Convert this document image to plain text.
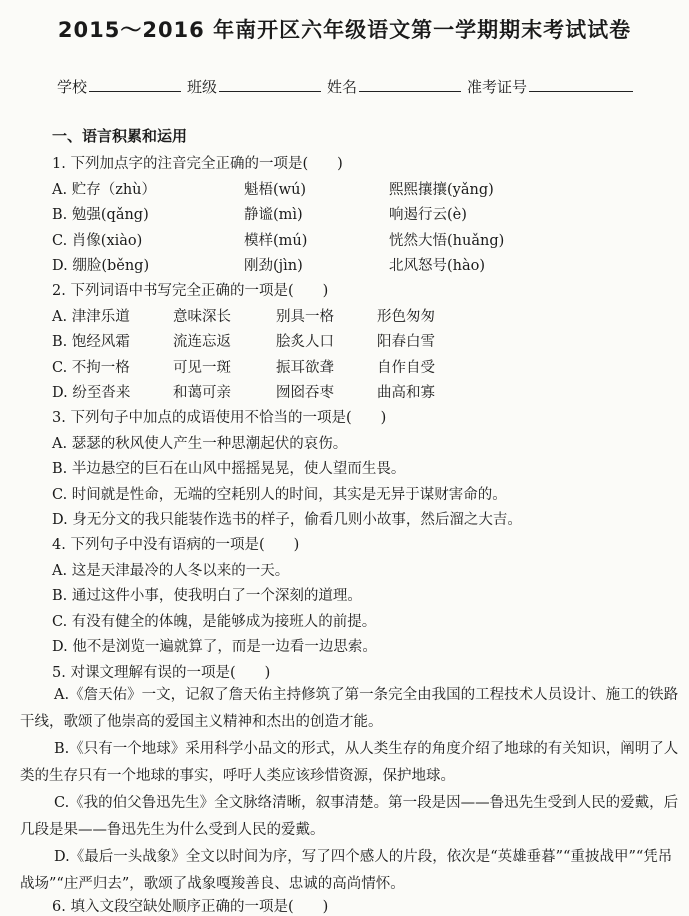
2015～2016 年南开区六年级语文第一学期期末考试试卷
学校	班级	姓名	准考证号
一、语言积累和运用
1. 下列加点字的注音完全正确的一项是(　　)
A. 贮存（zhù）	魁梧(wú)	熙熙攘攘(yǎng)
B. 勉强(qǎng)	静谧(mì)	响遏行云(è)
C. 肖像(xiào)	模样(mú)	恍然大悟(huǎng)
D. 绷脸(běng)	刚劲(jìn)	北风怒号(hào)
2. 下列词语中书写完全正确的一项是(　　)
A. 津津乐道	意味深长	别具一格	形色匆匆
B. 饱经风霜	流连忘返	脍炙人口	阳春白雪
C. 不拘一格	可见一斑	振耳欲聋	自作自受
D. 纷至沓来	和蔼可亲	囫囵吞枣	曲高和寡
3. 下列句子中加点的成语使用不恰当的一项是(　　)
A. 瑟瑟的秋风使人产生一种思潮起伏的哀伤。
B. 半边悬空的巨石在山风中摇摇晃晃，使人望而生畏。
C. 时间就是性命，无端的空耗别人的时间，其实是无异于谋财害命的。
D. 身无分文的我只能装作选书的样子，偷看几则小故事，然后溜之大吉。
4. 下列句子中没有语病的一项是(　　)
A. 这是天津最冷的人冬以来的一天。
B. 通过这件小事，使我明白了一个深刻的道理。
C. 有没有健全的体魄，是能够成为接班人的前提。
D. 他不是浏览一遍就算了，而是一边看一边思索。
5. 对课文理解有误的一项是(　　)
A.《詹天佑》一文，记叙了詹天佑主持修筑了第一条完全由我国的工程技术人员设计、施工的铁路干线，歌颂了他崇高的爱国主义精神和杰出的创造才能。
B.《只有一个地球》采用科学小品文的形式，从人类生存的角度介绍了地球的有关知识，阐明了人类的生存只有一个地球的事实，呼吁人类应该珍惜资源，保护地球。
C.《我的伯父鲁迅先生》全文脉络清晰，叙事清楚。第一段是因——鲁迅先生受到人民的爱戴，后几段是果——鲁迅先生为什么受到人民的爱戴。
D.《最后一头战象》全文以时间为序，写了四个感人的片段，依次是“英雄垂暮”“重披战甲”“凭吊战场”“庄严归去”，歌颂了战象嘎羧善良、忠诚的高尚情怀。
6. 填入文段空缺处顺序正确的一项是(　　)
